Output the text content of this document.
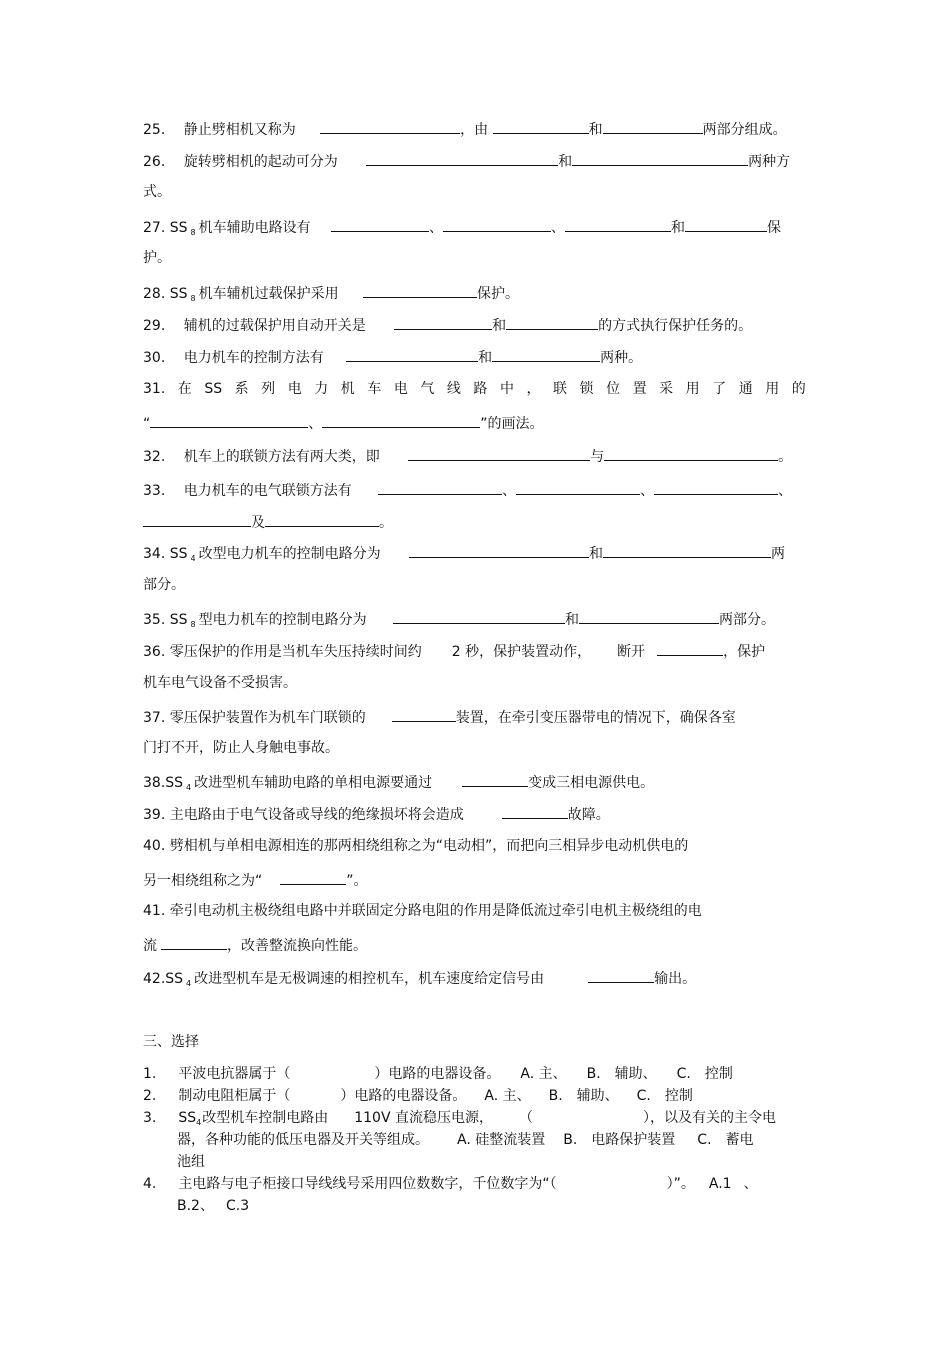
25. 静止劈相机又称为	，由	和	两部分组成。
26. 旋转劈相机的起动可分为	和	两种方
式。
27. SS $_8$ 机车辅助电路设有	、	、	和	保
护。
28. SS $_8$ 机车辅机过载保护采用	保护。
29. 辅机的过载保护用自动开关是	和	的方式执行保护任务的。
30. 电力机车的控制方法有	和	两种。
31. 在 SS 系 列 电 力 机 车 电 气 线 路 中 ， 联 锁 位 置 采 用 了 通 用 的
“	、	”的画法。
32. 机车上的联锁方法有两大类，即	与	。
33. 电力机车的电气联锁方法有	、	、	、
及	。
34. SS $_4$ 改型电力机车的控制电路分为	和	两
部分。
35. SS $_8$ 型电力机车的控制电路分为	和	两部分。
36. 零压保护的作用是当机车失压持续时间约 2 秒，保护装置动作， 断开	，保护
机车电气设备不受损害。
37. 零压保护装置作为机车门联锁的	装置，在牵引变压器带电的情况下，确保各室
门打不开，防止人身触电事故。
38.SS $_4$ 改进型机车辅助电路的单相电源要通过	变成三相电源供电。
39. 主电路由于电气设备或导线的绝缘损坏将会造成	故障。
40. 劈相机与单相电源相连的那两相绕组称之为“电动相”，而把向三相异步电动机供电的
另一相绕组称之为“	”。
41. 牵引电动机主极绕组电路中并联固定分路电阻的作用是降低流过牵引电机主极绕组的电
流	，改善整流换向性能。
42.SS $_4$ 改进型机车是无极调速的相控机车，机车速度给定信号由	输出。
三、选择
1. 平波电抗器属于（	）电路的电器设备。 A. 主、 B. 辅助、 C. 控制
2. 制动电阻柜属于（	）电路的电器设备。 A. 主、 B. 辅助、 C. 控制
3. $SS_4$改型机车控制电路由 110V 直流稳压电源， （	），以及有关的主令电
器，各种功能的低压电器及开关等组成。 A. 硅整流装置 B. 电路保护装置 C. 蓄电
池组
4. 主电路与电子柜接口导线线号采用四位数数字，千位数字为“（	）”。 A.1 、
B.2、 C.3
